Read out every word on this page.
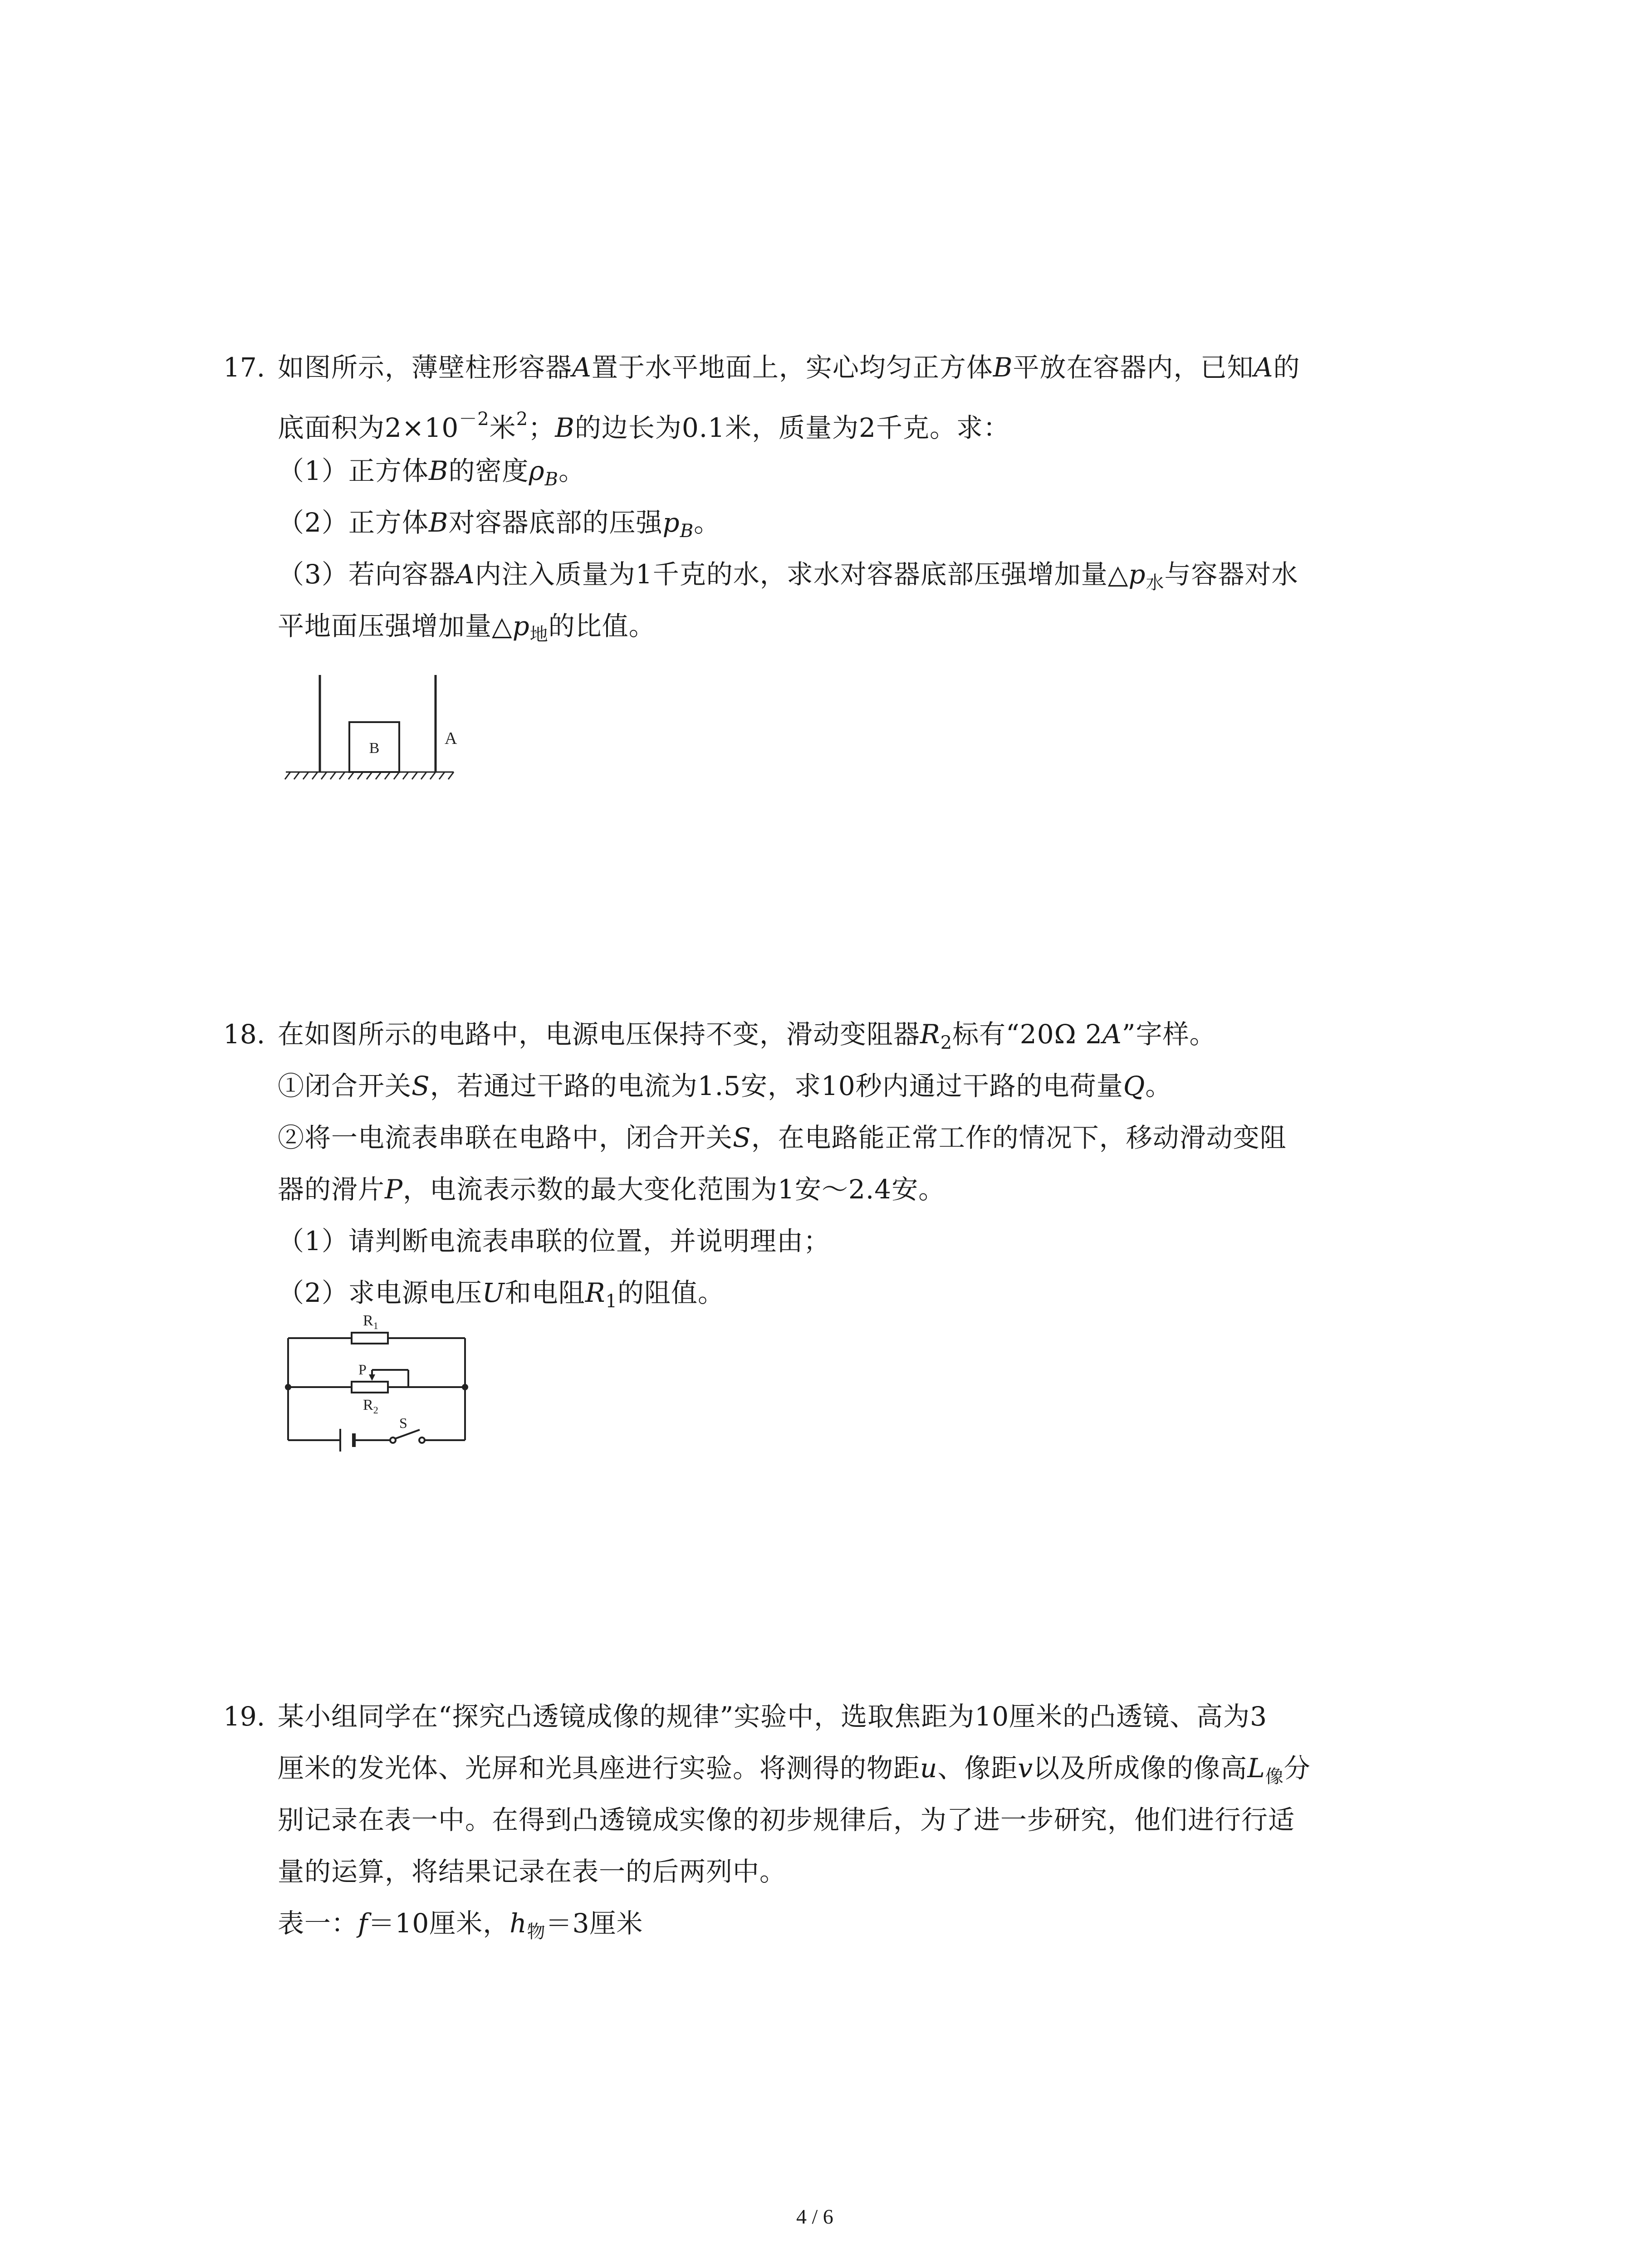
17. 如图所示，薄壁柱形容器A置于水平地面上，实心均匀正方体B平放在容器内，已知A的
底面积为$2\times 10^{-2}$米$^2$；B的边长为0.1米，质量为2千克。求：
（1）正方体B的密度$\rho_B$。
（2）正方体B对容器底部的压强$p_B$。
（3）若向容器A内注入质量为1千克的水，求水对容器底部压强增加量$\triangle p_水$与容器对水
平地面压强增加量$\triangle p_地$的比值。
B
A
18. 在如图所示的电路中，电源电压保持不变，滑动变阻器$R_2$标有“20Ω 2A”字样。
①闭合开关S，若通过干路的电流为1.5安，求10秒内通过干路的电荷量Q。
②将一电流表串联在电路中，闭合开关S，在电路能正常工作的情况下，移动滑动变阻
器的滑片P，电流表示数的最大变化范围为1安～2.4安。
（1）请判断电流表串联的位置，并说明理由；
（2）求电源电压U和电阻$R_1$的阻值。
$R_1$
P
$R_2$
S
19. 某小组同学在“探究凸透镜成像的规律”实验中，选取焦距为10厘米的凸透镜、高为3
厘米的发光体、光屏和光具座进行实验。将测得的物距u、像距v以及所成像的像高$L_像$分
别记录在表一中。在得到凸透镜成实像的初步规律后，为了进一步研究，他们进行行适
量的运算，将结果记录在表一的后两列中。
表一：f＝10厘米，$h_物=3$厘米
4 / 6
